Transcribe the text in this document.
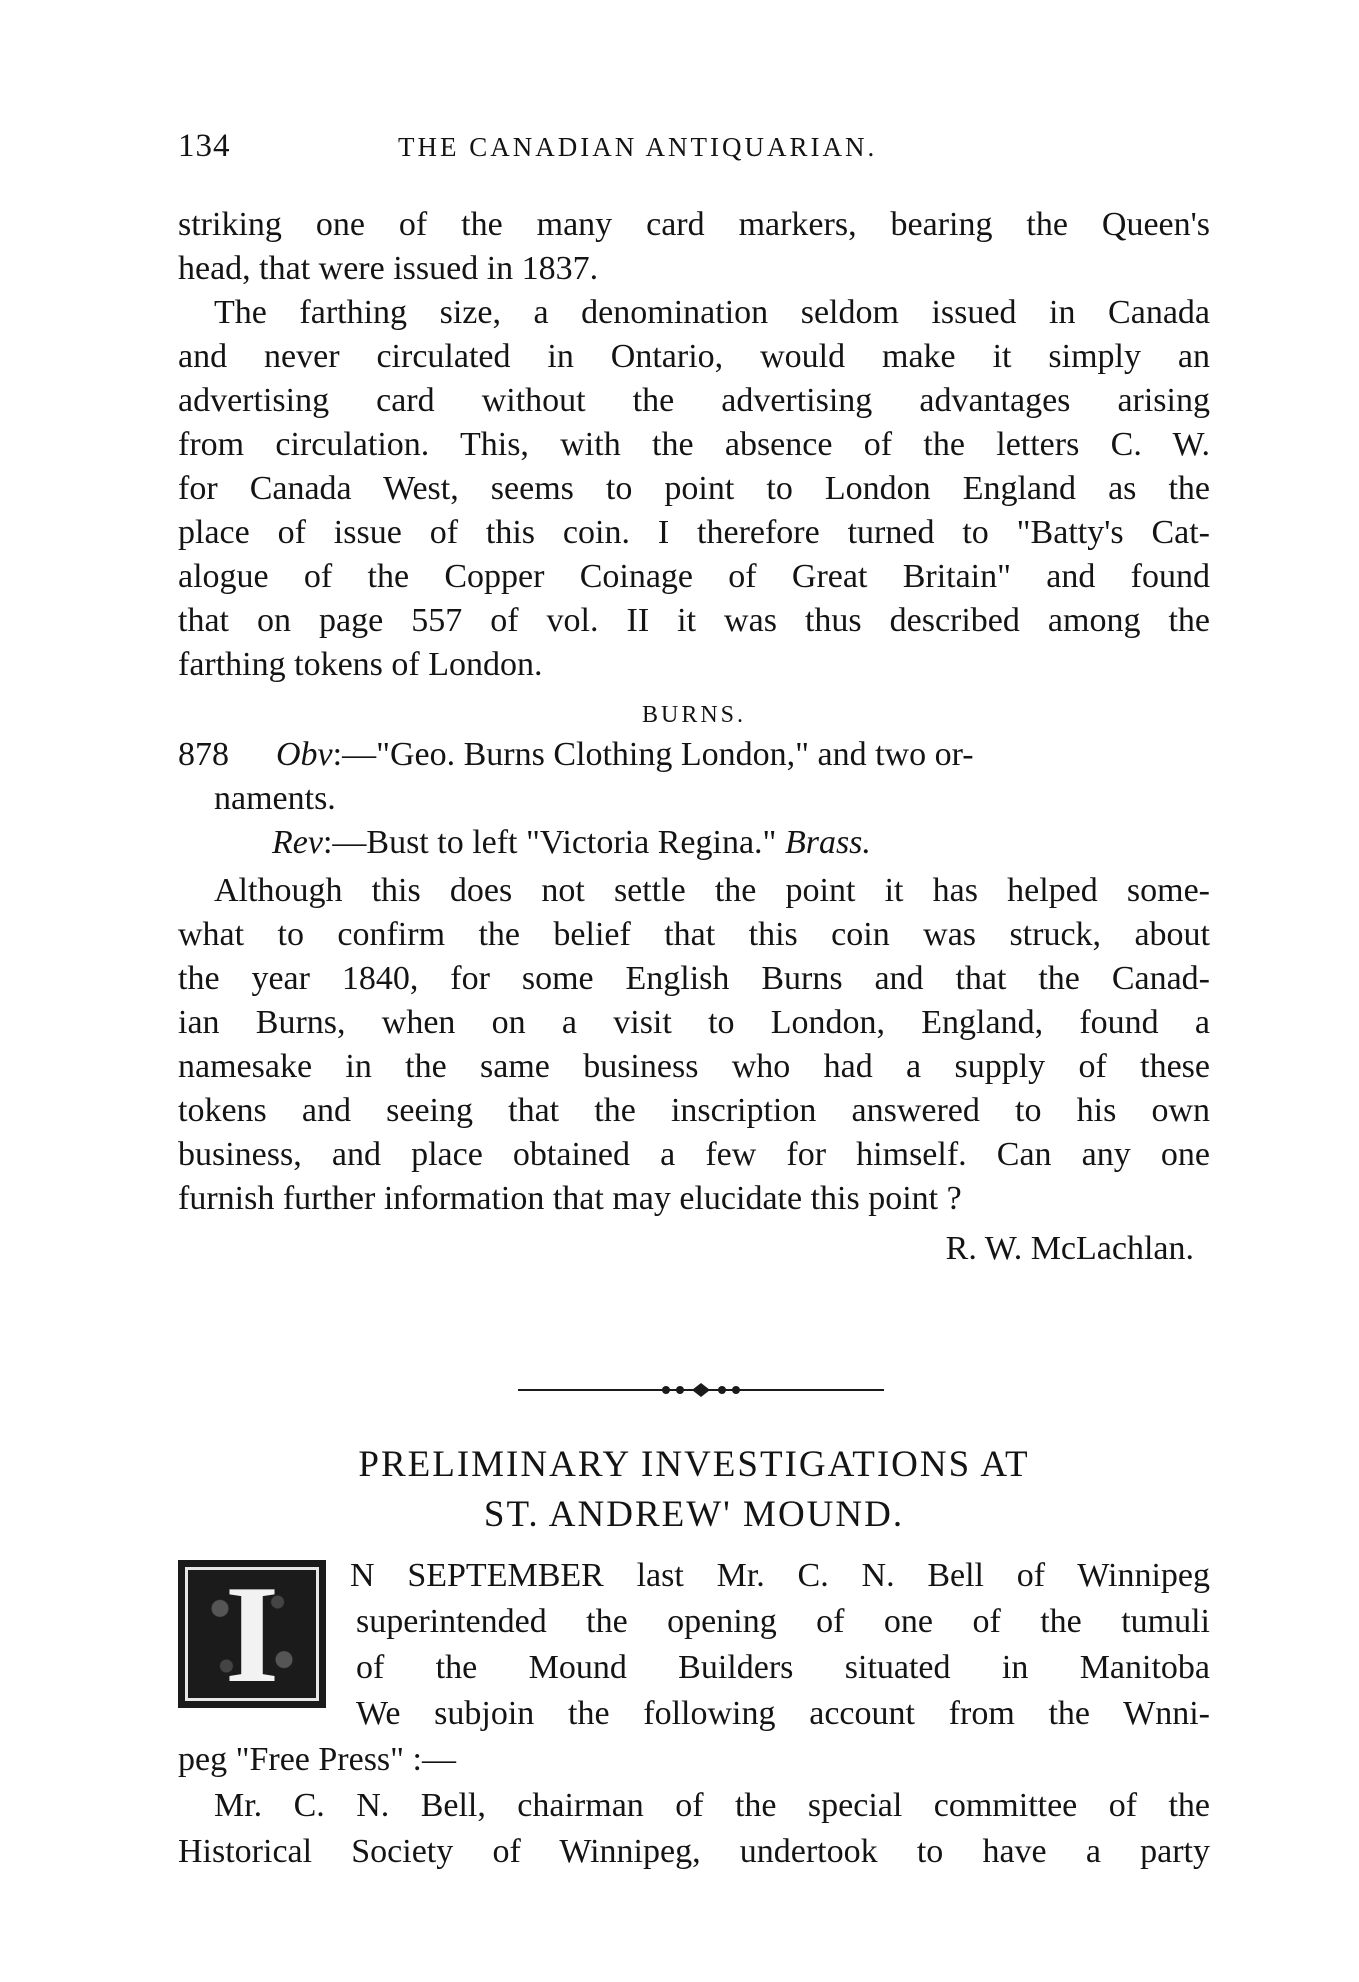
134	THE CANADIAN ANTIQUARIAN.
striking one of the many card markers, bearing the Queen's
head, that were issued in 1837.
The farthing size, a denomination seldom issued in Canada
and never circulated in Ontario, would make it simply an
advertising card without the advertising advantages arising
from circulation. This, with the absence of the letters C. W.
for Canada West, seems to point to London England as the
place of issue of this coin. I therefore turned to "Batty's Cat-
alogue of the Copper Coinage of Great Britain" and found
that on page 557 of vol. II it was thus described among the
farthing tokens of London.
BURNS.
878 Obv:—"Geo. Burns Clothing London," and two or-
naments.
Rev:—Bust to left "Victoria Regina." Brass.
Although this does not settle the point it has helped some-
what to confirm the belief that this coin was struck, about
the year 1840, for some English Burns and that the Canad-
ian Burns, when on a visit to London, England, found a
namesake in the same business who had a supply of these
tokens and seeing that the inscription answered to his own
business, and place obtained a few for himself. Can any one
furnish further information that may elucidate this point ?
R. W. McLachlan.
PRELIMINARY INVESTIGATIONS AT
ST. ANDREW' MOUND.
I	N SEPTEMBER last Mr. C. N. Bell of Winnipeg
superintended the opening of one of the tumuli
of the Mound Builders situated in Manitoba
We subjoin the following account from the Wnni-
peg "Free Press" :—
Mr. C. N. Bell, chairman of the special committee of the
Historical Society of Winnipeg, undertook to have a party
